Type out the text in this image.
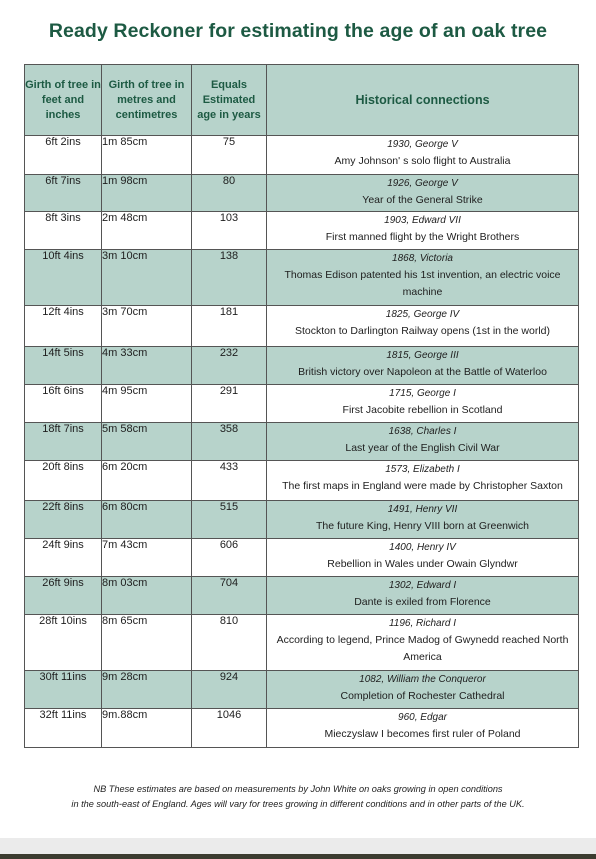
Ready Reckoner for estimating the age of an oak tree
Girth of tree in feet and inches	Girth of tree in metres and centimetres	Equals Estimated age in years	Historical connections
6ft 2ins	1m 85cm	75	1930, George V
Amy Johnson' s solo flight to Australia

6ft 7ins	1m 98cm	80	1926, George V
Year of the General Strike

8ft 3ins	2m 48cm	103	1903, Edward VII
First manned flight by the Wright Brothers

10ft 4ins	3m 10cm	138	1868, Victoria
Thomas Edison patented his 1st invention, an electric voice machine

12ft 4ins	3m 70cm	181	1825, George IV
Stockton to Darlington Railway opens (1st in the world)

14ft 5ins	4m 33cm	232	1815, George III
British victory over Napoleon at the Battle of Waterloo

16ft 6ins	4m 95cm	291	1715, George I
First Jacobite rebellion in Scotland

18ft 7ins	5m 58cm	358	1638, Charles I
Last year of the English Civil War

20ft 8ins	6m 20cm	433	1573, Elizabeth I
The first maps in England were made by Christopher Saxton

22ft 8ins	6m 80cm	515	1491, Henry VII
The future King, Henry VIII born at Greenwich

24ft 9ins	7m 43cm	606	1400, Henry IV
Rebellion in Wales under Owain Glyndwr

26ft 9ins	8m 03cm	704	1302, Edward I
Dante is exiled from Florence

28ft 10ins	8m 65cm	810	1196, Richard I
According to legend, Prince Madog of Gwynedd reached North America

30ft 11ins	9m 28cm	924	1082, William the Conqueror
Completion of Rochester Cathedral

32ft 11ins	9m.88cm	1046	960, Edgar
Mieczyslaw I becomes first ruler of Poland
NB These estimates are based on measurements by John White on oaks growing in open conditions
in the south-east of England. Ages will vary for trees growing in different conditions and in other parts of the UK.
